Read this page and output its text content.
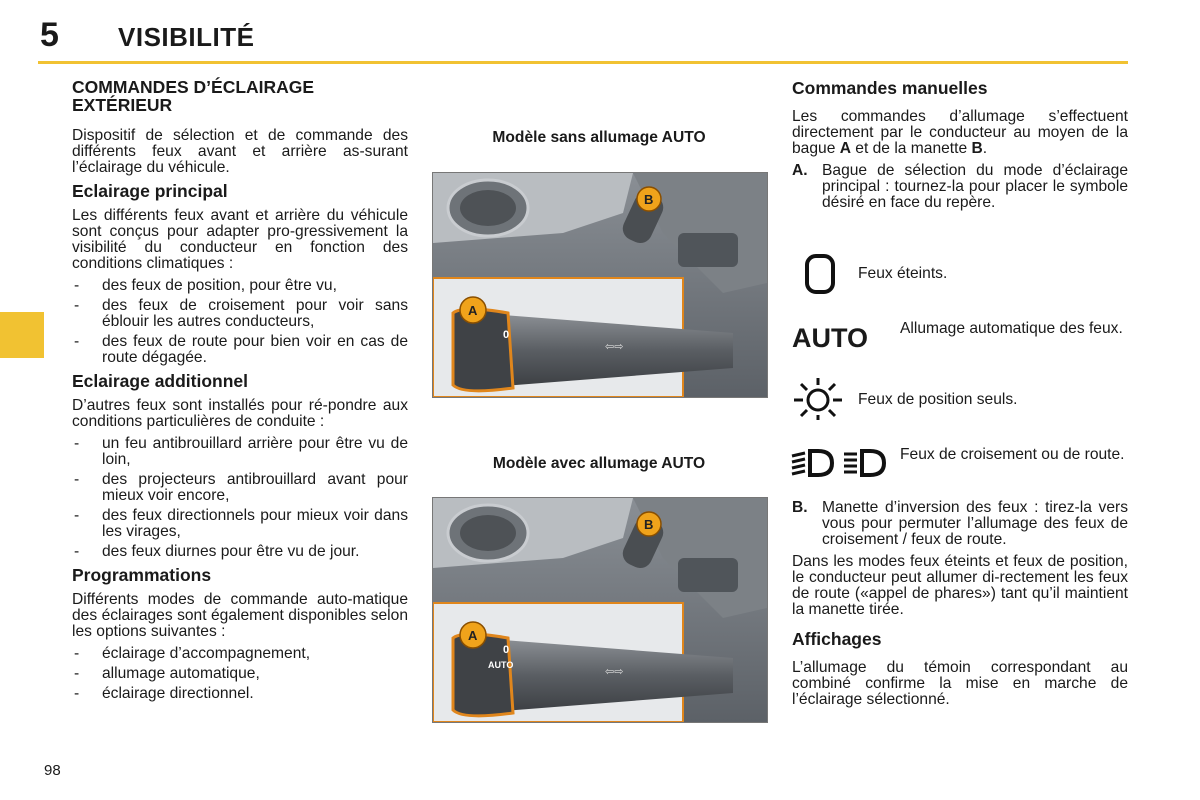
5 VISIBILITÉ
98
COMMANDES D’ÉCLAIRAGE
EXTÉRIEUR

Dispositif de sélection et de commande des différents feux avant et arrière as-surant l’éclairage du véhicule.

Eclairage principal

Les différents feux avant et arrière du véhicule sont conçus pour adapter pro-gressivement la visibilité du conducteur en fonction des conditions climatiques :

- des feux de position, pour être vu,
- des feux de croisement pour voir sans éblouir les autres conducteurs,
- des feux de route pour bien voir en cas de route dégagée.
Eclairage additionnel

D’autres feux sont installés pour ré-pondre aux conditions particulières de conduite :

- un feu antibrouillard arrière pour être vu de loin,
- des projecteurs antibrouillard avant pour mieux voir encore,
- des feux directionnels pour mieux voir dans les virages,
- des feux diurnes pour être vu de jour.
Programmations

Différents modes de commande auto-matique des éclairages sont également disponibles selon les options suivantes :

- éclairage d’accompagnement,
- allumage automatique,
- éclairage directionnel.
Modèle sans allumage AUTO
0
⇦⇨
A
B
Modèle avec allumage AUTO
0
AUTO
⇦⇨
A
B
Commandes manuelles

Les commandes d’allumage s’effectuent directement par le conducteur au moyen de la bague A et de la manette B.

A. Bague de sélection du mode d’éclairage principal : tournez-la pour placer le symbole désiré en face du repère.
Feux éteints.
AUTO Allumage automatique des feux.
Feux de position seuls.
Feux de croisement ou de route.
B. Manette d’inversion des feux : tirez-la vers vous pour permuter l’allumage des feux de croisement / feux de route.

Dans les modes feux éteints et feux de position, le conducteur peut allumer di-rectement les feux de route («appel de phares») tant qu’il maintient la manette tirée.

Affichages

L’allumage du témoin correspondant au combiné confirme la mise en marche de l’éclairage sélectionné.
